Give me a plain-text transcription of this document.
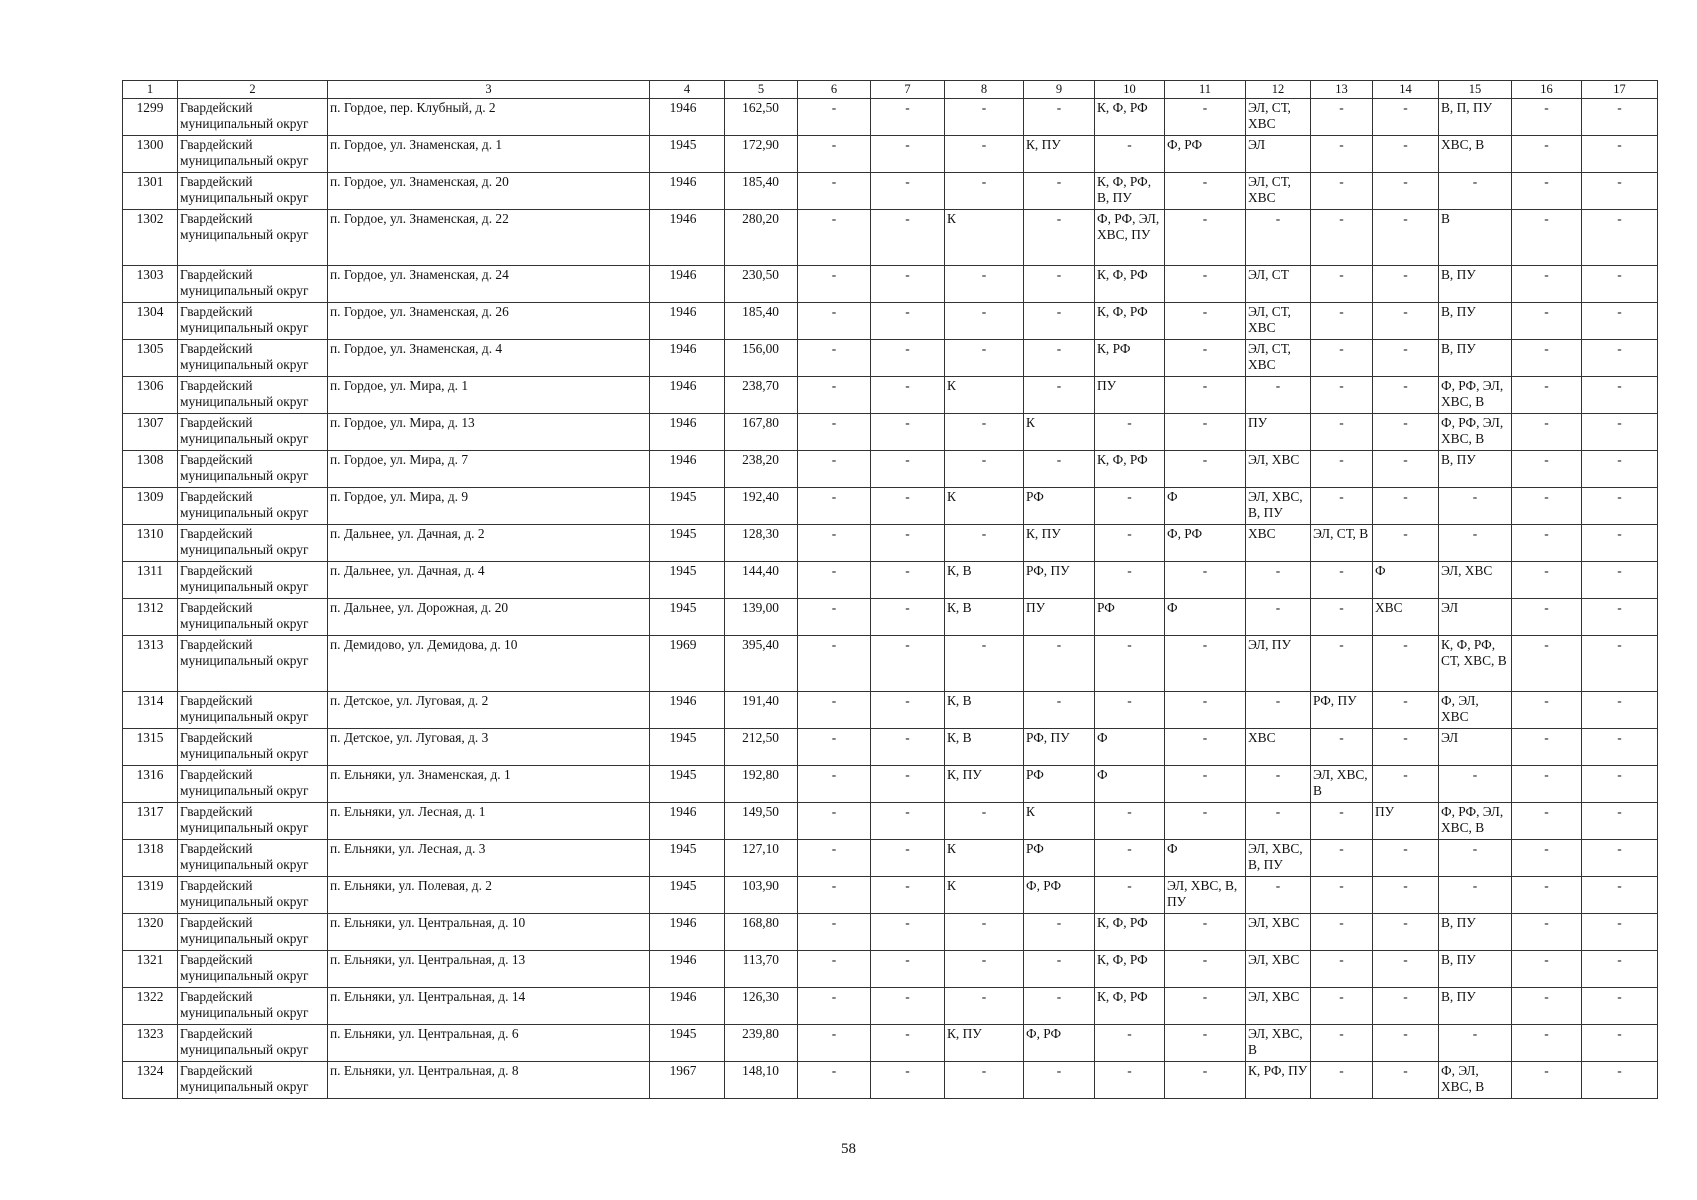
1	2	3	4	5	6	7	8	9	10	11	12	13	14	15	16	17
1299	Гвардейский муниципальный округ	п. Гордое, пер. Клубный, д. 2	1946	162,50	-	-	-	-	К, Ф, РФ	-	ЭЛ, СТ, ХВС	-	-	В, П, ПУ	-	-
1300	Гвардейский муниципальный округ	п. Гордое, ул. Знаменская, д. 1	1945	172,90	-	-	-	К, ПУ	-	Ф, РФ	ЭЛ	-	-	ХВС, В	-	-
1301	Гвардейский муниципальный округ	п. Гордое, ул. Знаменская, д. 20	1946	185,40	-	-	-	-	К, Ф, РФ, В, ПУ	-	ЭЛ, СТ, ХВС	-	-	-	-	-
1302	Гвардейский муниципальный округ	п. Гордое, ул. Знаменская, д. 22	1946	280,20	-	-	К	-	Ф, РФ, ЭЛ, ХВС, ПУ	-	-	-	-	В	-	-
1303	Гвардейский муниципальный округ	п. Гордое, ул. Знаменская, д. 24	1946	230,50	-	-	-	-	К, Ф, РФ	-	ЭЛ, СТ	-	-	В, ПУ	-	-
1304	Гвардейский муниципальный округ	п. Гордое, ул. Знаменская, д. 26	1946	185,40	-	-	-	-	К, Ф, РФ	-	ЭЛ, СТ, ХВС	-	-	В, ПУ	-	-
1305	Гвардейский муниципальный округ	п. Гордое, ул. Знаменская, д. 4	1946	156,00	-	-	-	-	К, РФ	-	ЭЛ, СТ, ХВС	-	-	В, ПУ	-	-
1306	Гвардейский муниципальный округ	п. Гордое, ул. Мира, д. 1	1946	238,70	-	-	К	-	ПУ	-	-	-	-	Ф, РФ, ЭЛ, ХВС, В	-	-
1307	Гвардейский муниципальный округ	п. Гордое, ул. Мира, д. 13	1946	167,80	-	-	-	К	-	-	ПУ	-	-	Ф, РФ, ЭЛ, ХВС, В	-	-
1308	Гвардейский муниципальный округ	п. Гордое, ул. Мира, д. 7	1946	238,20	-	-	-	-	К, Ф, РФ	-	ЭЛ, ХВС	-	-	В, ПУ	-	-
1309	Гвардейский муниципальный округ	п. Гордое, ул. Мира, д. 9	1945	192,40	-	-	К	РФ	-	Ф	ЭЛ, ХВС, В, ПУ	-	-	-	-	-
1310	Гвардейский муниципальный округ	п. Дальнее, ул. Дачная, д. 2	1945	128,30	-	-	-	К, ПУ	-	Ф, РФ	ХВС	ЭЛ, СТ, В	-	-	-	-
1311	Гвардейский муниципальный округ	п. Дальнее, ул. Дачная, д. 4	1945	144,40	-	-	К, В	РФ, ПУ	-	-	-	-	Ф	ЭЛ, ХВС	-	-
1312	Гвардейский муниципальный округ	п. Дальнее, ул. Дорожная, д. 20	1945	139,00	-	-	К, В	ПУ	РФ	Ф	-	-	ХВС	ЭЛ	-	-
1313	Гвардейский муниципальный округ	п. Демидово, ул. Демидова, д. 10	1969	395,40	-	-	-	-	-	-	ЭЛ, ПУ	-	-	К, Ф, РФ, СТ, ХВС, В	-	-
1314	Гвардейский муниципальный округ	п. Детское, ул. Луговая, д. 2	1946	191,40	-	-	К, В	-	-	-	-	РФ, ПУ	-	Ф, ЭЛ, ХВС	-	-
1315	Гвардейский муниципальный округ	п. Детское, ул. Луговая, д. 3	1945	212,50	-	-	К, В	РФ, ПУ	Ф	-	ХВС	-	-	ЭЛ	-	-
1316	Гвардейский муниципальный округ	п. Ельняки, ул. Знаменская, д. 1	1945	192,80	-	-	К, ПУ	РФ	Ф	-	-	ЭЛ, ХВС, В	-	-	-	-
1317	Гвардейский муниципальный округ	п. Ельняки, ул. Лесная, д. 1	1946	149,50	-	-	-	К	-	-	-	-	ПУ	Ф, РФ, ЭЛ, ХВС, В	-	-
1318	Гвардейский муниципальный округ	п. Ельняки, ул. Лесная, д. 3	1945	127,10	-	-	К	РФ	-	Ф	ЭЛ, ХВС, В, ПУ	-	-	-	-	-
1319	Гвардейский муниципальный округ	п. Ельняки, ул. Полевая, д. 2	1945	103,90	-	-	К	Ф, РФ	-	ЭЛ, ХВС, В, ПУ	-	-	-	-	-	-
1320	Гвардейский муниципальный округ	п. Ельняки, ул. Центральная, д. 10	1946	168,80	-	-	-	-	К, Ф, РФ	-	ЭЛ, ХВС	-	-	В, ПУ	-	-
1321	Гвардейский муниципальный округ	п. Ельняки, ул. Центральная, д. 13	1946	113,70	-	-	-	-	К, Ф, РФ	-	ЭЛ, ХВС	-	-	В, ПУ	-	-
1322	Гвардейский муниципальный округ	п. Ельняки, ул. Центральная, д. 14	1946	126,30	-	-	-	-	К, Ф, РФ	-	ЭЛ, ХВС	-	-	В, ПУ	-	-
1323	Гвардейский муниципальный округ	п. Ельняки, ул. Центральная, д. 6	1945	239,80	-	-	К, ПУ	Ф, РФ	-	-	ЭЛ, ХВС, В	-	-	-	-	-
1324	Гвардейский муниципальный округ	п. Ельняки, ул. Центральная, д. 8	1967	148,10	-	-	-	-	-	-	К, РФ, ПУ	-	-	Ф, ЭЛ, ХВС, В	-	-
58
